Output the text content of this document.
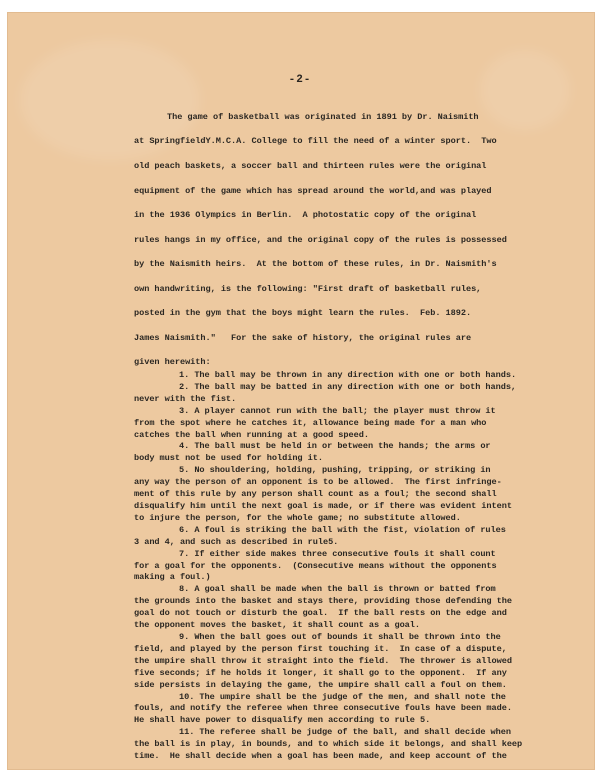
-2-
The game of basketball was originated in 1891 by Dr. Naismith
at SpringfieldY.M.C.A. College to fill the need of a winter sport.  Two
old peach baskets, a soccer ball and thirteen rules were the original
equipment of the game which has spread around the world,and was played
in the 1936 Olympics in Berlin.  A photostatic copy of the original
rules hangs in my office, and the original copy of the rules is possessed
by the Naismith heirs.  At the bottom of these rules, in Dr. Naismith's
own handwriting, is the following: "First draft of basketball rules,
posted in the gym that the boys might learn the rules.  Feb. 1892.
James Naismith."   For the sake of history, the original rules are
given herewith:
1. The ball may be thrown in any direction with one or both hands.
2. The ball may be batted in any direction with one or both hands,
never with the fist.
3. A player cannot run with the ball; the player must throw it
from the spot where he catches it, allowance being made for a man who
catches the ball when running at a good speed.
4. The ball must be held in or between the hands; the arms or
body must not be used for holding it.
5. No shouldering, holding, pushing, tripping, or striking in
any way the person of an opponent is to be allowed.  The first infringe-
ment of this rule by any person shall count as a foul; the second shall
disqualify him until the next goal is made, or if there was evident intent
to injure the person, for the whole game; no substitute allowed.
6. A foul is striking the ball with the fist, violation of rules
3 and 4, and such as described in rule5.
7. If either side makes three consecutive fouls it shall count
for a goal for the opponents.  (Consecutive means without the opponents
making a foul.)
8. A goal shall be made when the ball is thrown or batted from
the grounds into the basket and stays there, providing those defending the
goal do not touch or disturb the goal.  If the ball rests on the edge and
the opponent moves the basket, it shall count as a goal.
9. When the ball goes out of bounds it shall be thrown into the
field, and played by the person first touching it.  In case of a dispute,
the umpire shall throw it straight into the field.  The thrower is allowed
five seconds; if he holds it longer, it shall go to the opponent.  If any
side persists in delaying the game, the umpire shall call a foul on them.
10. The umpire shall be the judge of the men, and shall note the
fouls, and notify the referee when three consecutive fouls have been made.
He shall have power to disqualify men according to rule 5.
11. The referee shall be judge of the ball, and shall decide when
the ball is in play, in bounds, and to which side it belongs, and shall keep
time.  He shall decide when a goal has been made, and keep account of the
